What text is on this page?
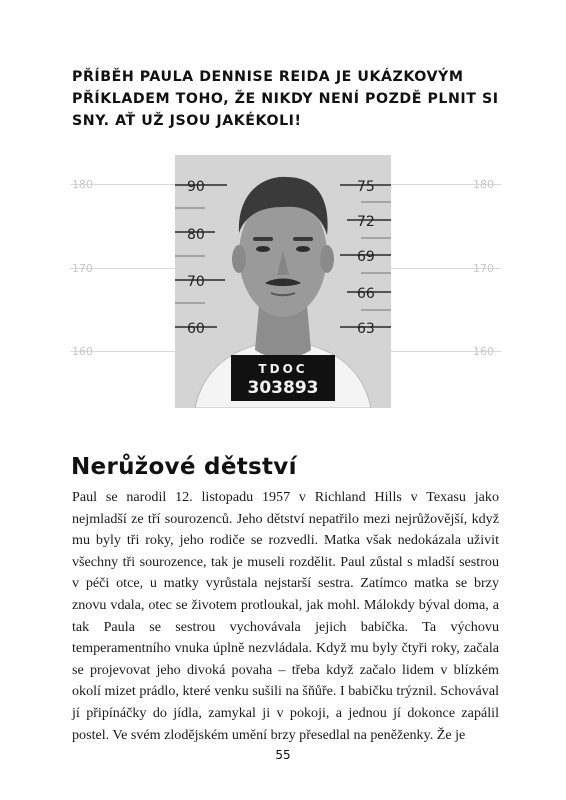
PŘÍBĚH PAULA DENNISE REIDA JE UKÁZKOVÝM PŘÍKLADEM TOHO, ŽE NIKDY NENÍ POZDĚ PLNIT SI SNY. AŤ UŽ JSOU JAKÉKOLI!
180
170
160
180
170
160
90
80
70
60
75
72
69
66
63
TDOC
303893
Nerůžové dětství
Paul se narodil 12. listopadu 1957 v Richland Hills v Texasu jako nejmladší ze tří sourozenců. Jeho dětství nepatřilo mezi nejrůžovější, když mu byly tři roky, jeho rodiče se rozvedli. Matka však nedokázala uživit všechny tři sourozence, tak je museli rozdělit. Paul zůstal s mladší sestrou v péči otce, u matky vyrůstala nejstarší sestra. Zatímco matka se brzy znovu vdala, otec se životem protloukal, jak mohl. Málokdy býval doma, a tak Paula se sestrou vychovávala jejich babička. Ta výchovu temperamentního vnuka úplně nezvládala. Když mu byly čtyři roky, začala se projevovat jeho divoká povaha – třeba když začalo lidem v blízkém okolí mizet prádlo, které venku sušili na šňůře. I babičku trýznil. Schovával jí připínáčky do jídla, zamykal ji v pokoji, a jednou jí dokonce zapálil postel. Ve svém zlodějském umění brzy přesedlal na peněženky. Že je
55
